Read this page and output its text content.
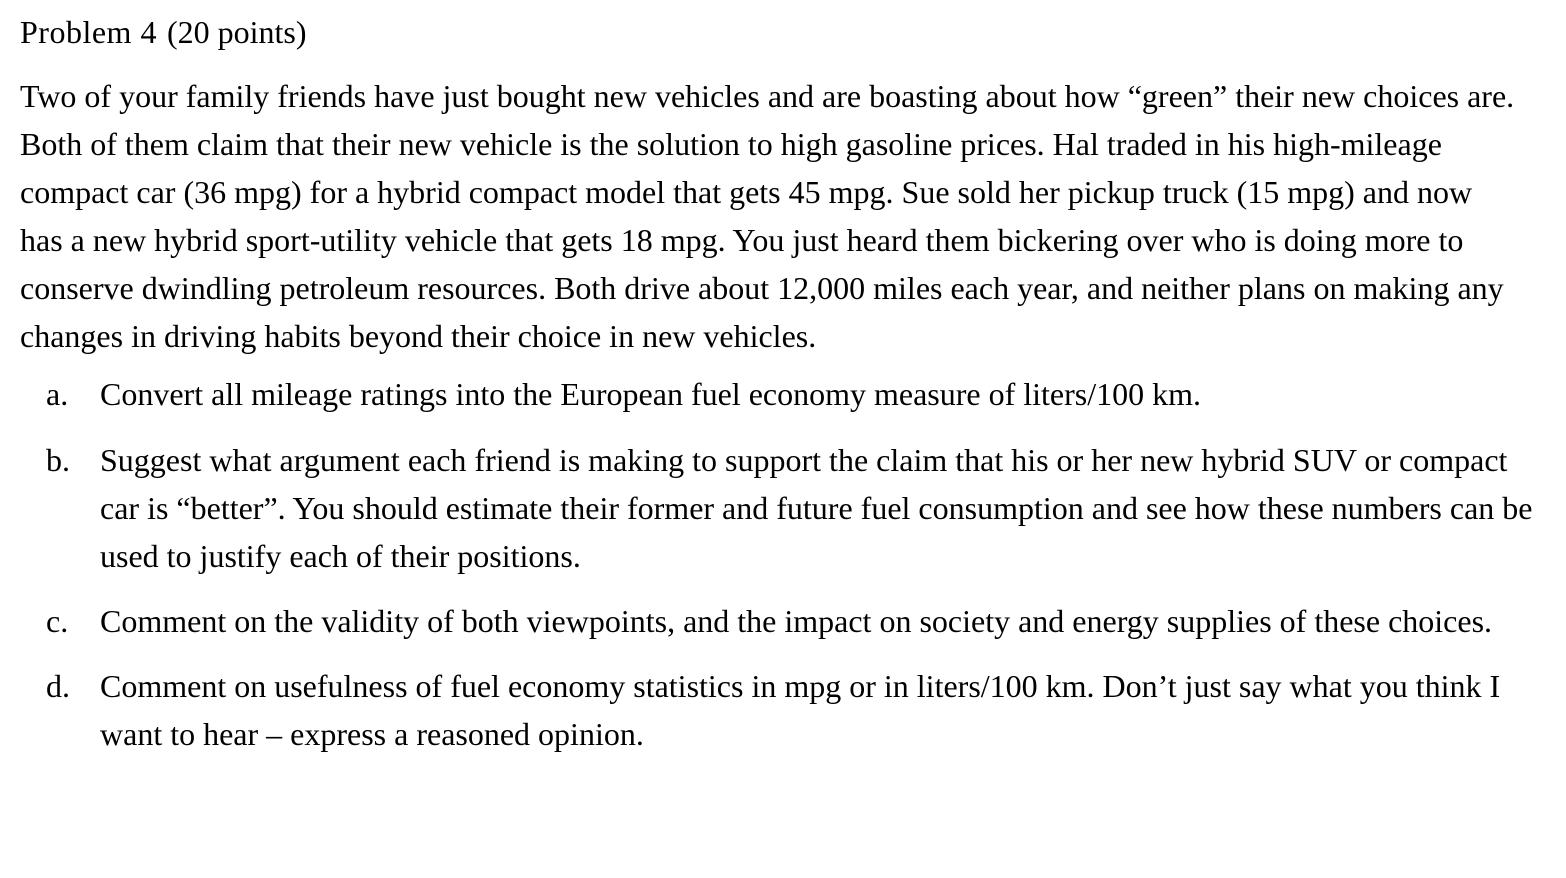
Problem 4 (20 points)

Two of your family friends have just bought new vehicles and are boasting about how “green” their new choices are. Both of them claim that their new vehicle is the solution to high gasoline prices. Hal traded in his high-mileage compact car (36 mpg) for a hybrid compact model that gets 45 mpg. Sue sold her pickup truck (15 mpg) and now has a new hybrid sport-utility vehicle that gets 18 mpg. You just heard them bickering over who is doing more to conserve dwindling petroleum resources. Both drive about 12,000 miles each year, and neither plans on making any changes in driving habits beyond their choice in new vehicles.

a. Convert all mileage ratings into the European fuel economy measure of liters/100 km.
b. Suggest what argument each friend is making to support the claim that his or her new hybrid SUV or compact car is “better”. You should estimate their former and future fuel consumption and see how these numbers can be used to justify each of their positions.
c. Comment on the validity of both viewpoints, and the impact on society and energy supplies of these choices.
d. Comment on usefulness of fuel economy statistics in mpg or in liters/100 km. Don’t just say what you think I want to hear – express a reasoned opinion.
